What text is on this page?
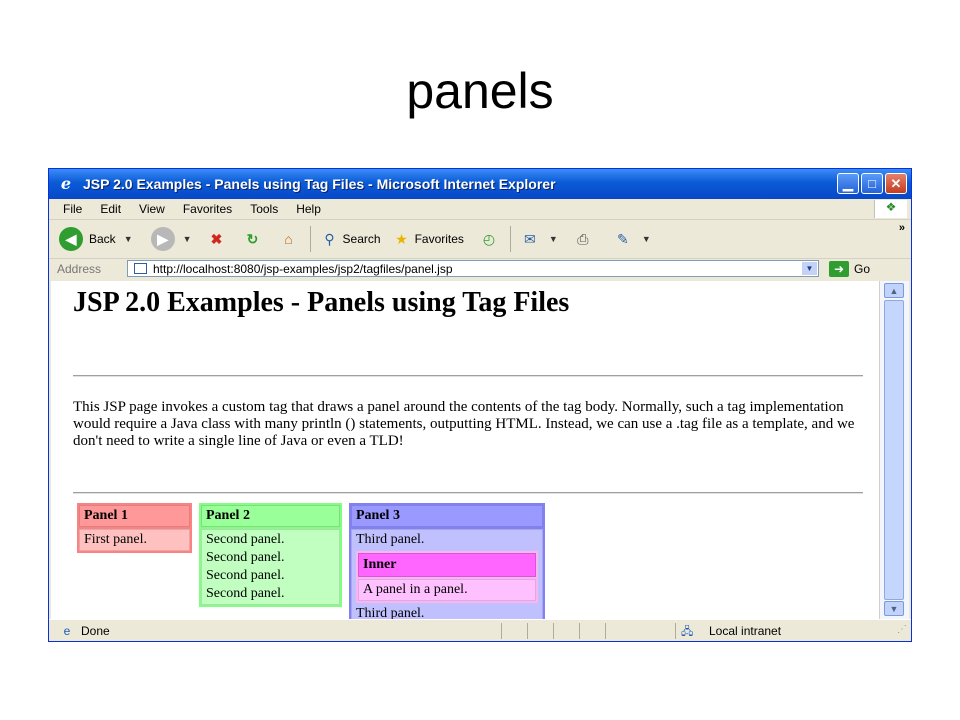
panels
e JSP 2.0 Examples - Panels using Tag Files - Microsoft Internet Explorer	▁	□	✕
File Edit View Favorites Tools Help	❖
◀	Back ▼	▶	▼	✖	↻	⌂	⚲ Search	★ Favorites	◴	✉	▼	⎙	✎	▼
»
Address	http://localhost:8080/jsp-examples/jsp2/tagfiles/panel.jsp	▼	➜ Go
JSP 2.0 Examples - Panels using Tag Files

This JSP page invokes a custom tag that draws a panel around the contents of the tag body. Normally, such a tag implementation would require a Java class with many println () statements, outputting HTML. Instead, we can use a .tag file as a template, and we don't need to write a single line of Java or even a TLD!

Panel 1
First panel.
Panel 2
Second panel.
Second panel.
Second panel.
Second panel.
Panel 3
Third panel.
Inner
A panel in a panel.
Third panel.
▲
▼
e Done	🖧	Local intranet	⋰
